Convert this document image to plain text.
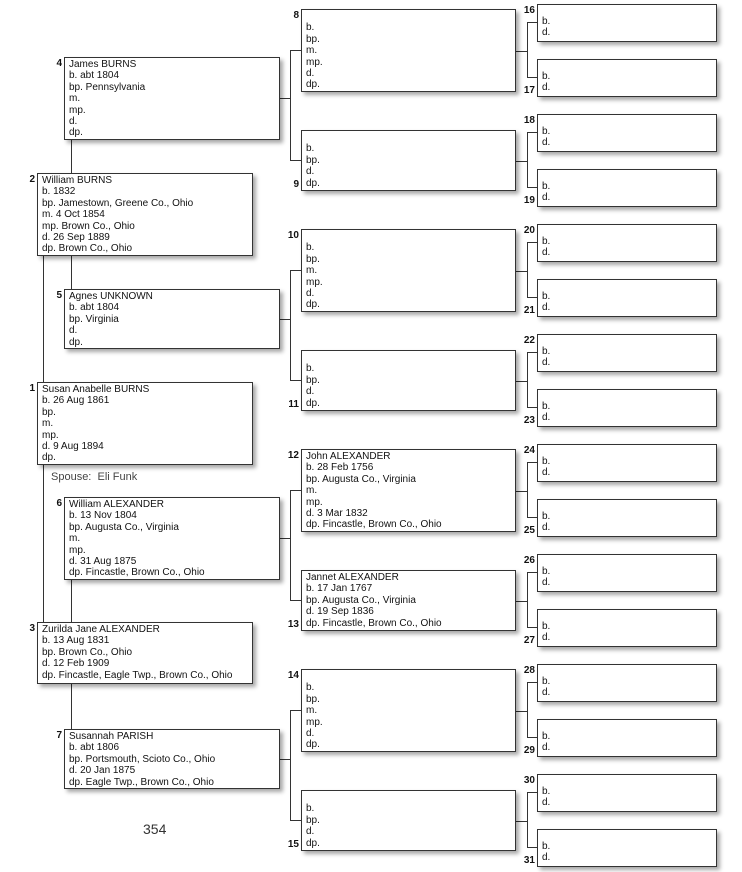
Susan Anabelle BURNS
b. 26 Aug 1861
bp.
m.
mp.
d. 9 Aug 1894
dp.
1
William BURNS
b. 1832
bp. Jamestown, Greene Co., Ohio
m. 4 Oct 1854
mp. Brown Co., Ohio
d. 26 Sep 1889
dp. Brown Co., Ohio
2
Zurilda Jane ALEXANDER
b. 13 Aug 1831
bp. Brown Co., Ohio
d. 12 Feb 1909
dp. Fincastle, Eagle Twp., Brown Co., Ohio
3
James BURNS
b. abt 1804
bp. Pennsylvania
m.
mp.
d.
dp.
4
Agnes UNKNOWN
b. abt 1804
bp. Virginia
d.
dp.
5
William ALEXANDER
b. 13 Nov 1804
bp. Augusta Co., Virginia
m.
mp.
d. 31 Aug 1875
dp. Fincastle, Brown Co., Ohio
6
Susannah PARISH
b. abt 1806
bp. Portsmouth, Scioto Co., Ohio
d. 20 Jan 1875
dp. Eagle Twp., Brown Co., Ohio
7

b.
bp.
m.
mp.
d.
dp.
8

b.
bp.
d.
dp.
9

b.
bp.
m.
mp.
d.
dp.
10

b.
bp.
d.
dp.
11
John ALEXANDER
b. 28 Feb 1756
bp. Augusta Co., Virginia
m.
mp.
d. 3 Mar 1832
dp. Fincastle, Brown Co., Ohio
12
Jannet ALEXANDER
b. 17 Jan 1767
bp. Augusta Co., Virginia
d. 19 Sep 1836
dp. Fincastle, Brown Co., Ohio
13

b.
bp.
m.
mp.
d.
dp.
14

b.
bp.
d.
dp.
15

b.
d.
16

b.
d.
17

b.
d.
18

b.
d.
19

b.
d.
20

b.
d.
21

b.
d.
22

b.
d.
23

b.
d.
24

b.
d.
25

b.
d.
26

b.
d.
27

b.
d.
28

b.
d.
29

b.
d.
30

b.
d.
31
Spouse: Eli Funk
354
